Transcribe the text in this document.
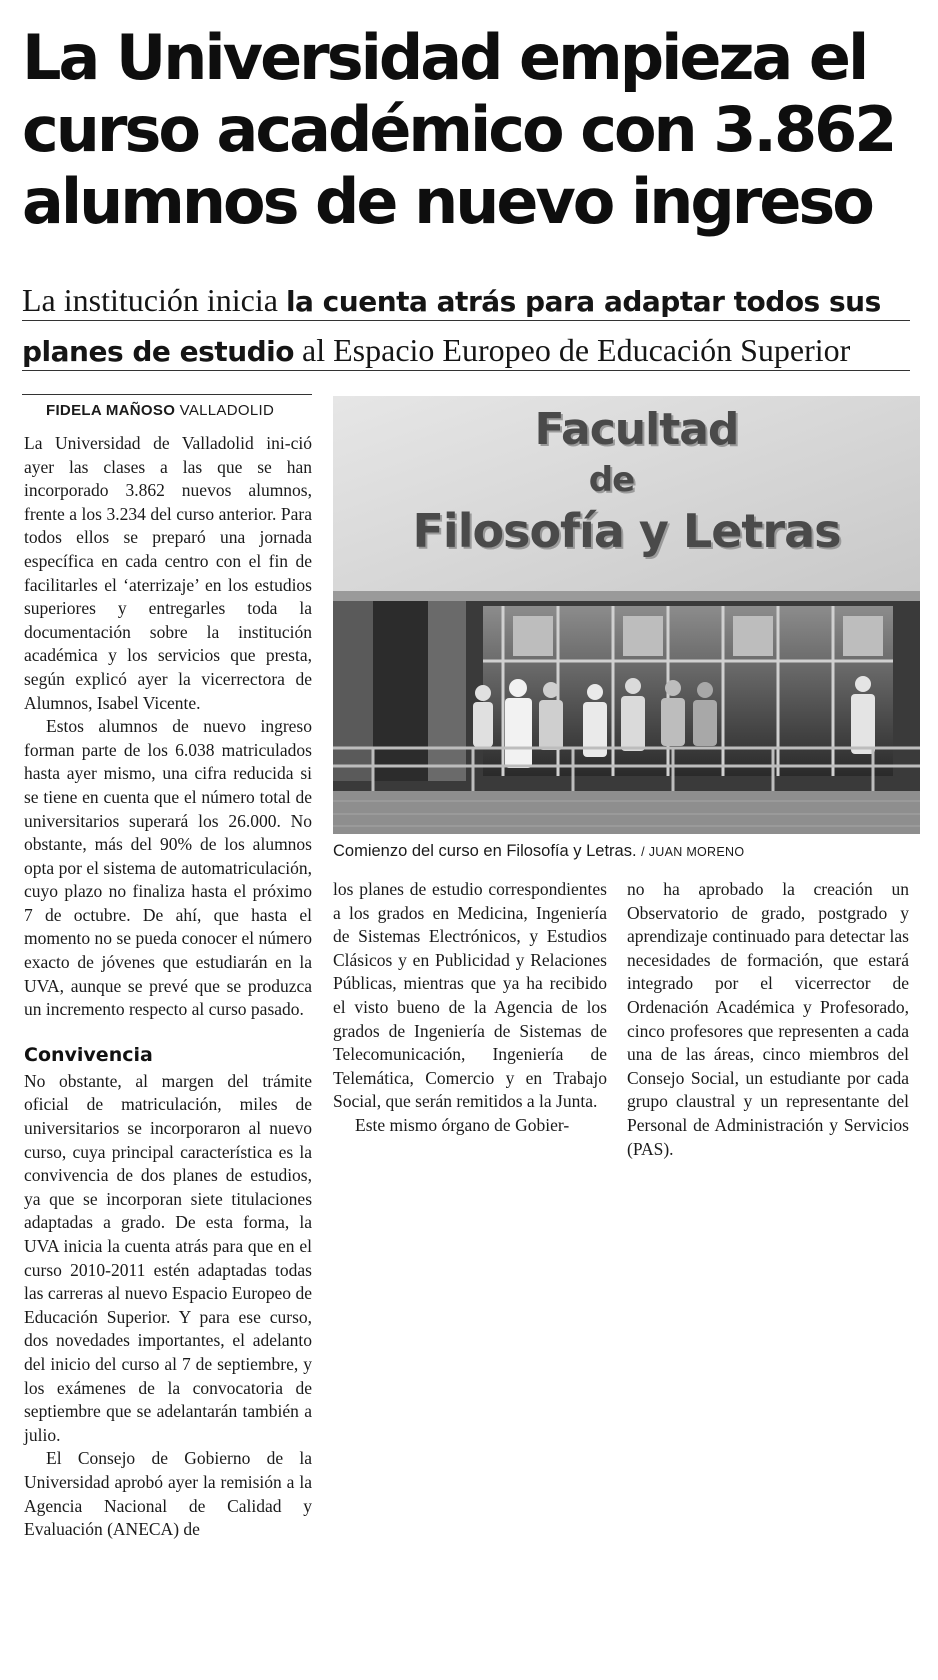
La Universidad empieza el
curso académico con 3.862
alumnos de nuevo ingreso
La institución inicia la cuenta atrás para adaptar todos sus
planes de estudio al Espacio Europeo de Educación Superior
FIDELA MAÑOSO VALLADOLID

La Universidad de Valladolid ini-ció ayer las clases a las que se han incorporado 3.862 nuevos alumnos, frente a los 3.234 del curso anterior. Para todos ellos se preparó una jornada específica en cada centro con el fin de facilitarles el ‘aterrizaje’ en los estudios superiores y entregarles toda la documentación sobre la institución académica y los servicios que presta, según explicó ayer la vicerrectora de Alumnos, Isabel Vicente.

Estos alumnos de nuevo ingreso forman parte de los 6.038 matriculados hasta ayer mismo, una cifra reducida si se tiene en cuenta que el número total de universitarios superará los 26.000. No obstante, más del 90% de los alumnos opta por el sistema de automatriculación, cuyo plazo no finaliza hasta el próximo 7 de octubre. De ahí, que hasta el momento no se pueda conocer el número exacto de jóvenes que estudiarán en la UVA, aunque se prevé que se produzca un incremento respecto al curso pasado.

Convivencia

No obstante, al margen del trámite oficial de matriculación, miles de universitarios se incorporaron al nuevo curso, cuya principal característica es la convivencia de dos planes de estudios, ya que se incorporan siete titulaciones adaptadas a grado. De esta forma, la UVA inicia la cuenta atrás para que en el curso 2010-2011 estén adaptadas todas las carreras al nuevo Espacio Europeo de Educación Superior. Y para ese curso, dos novedades importantes, el adelanto del inicio del curso al 7 de septiembre, y los exámenes de la convocatoria de septiembre que se adelantarán también a julio.

El Consejo de Gobierno de la Universidad aprobó ayer la remisión a la Agencia Nacional de Calidad y Evaluación (ANECA) de

Facultad
de
Filosofía y Letras
Comienzo del curso en Filosofía y Letras. / JUAN MORENO

los planes de estudio correspondientes a los grados en Medicina, Ingeniería de Sistemas Electrónicos, y Estudios Clásicos y en Publicidad y Relaciones Públicas, mientras que ya ha recibido el visto bueno de la Agencia de los grados de Ingeniería de Sistemas de Telecomunicación, Ingeniería de Telemática, Comercio y en Trabajo Social, que serán remitidos a la Junta.

Este mismo órgano de Gobier-

no ha aprobado la creación un Observatorio de grado, postgrado y aprendizaje continuado para detectar las necesidades de formación, que estará integrado por el vicerrector de Ordenación Académica y Profesorado, cinco profesores que representen a cada una de las áreas, cinco miembros del Consejo Social, un estudiante por cada grupo claustral y un representante del Personal de Administración y Servicios (PAS).
